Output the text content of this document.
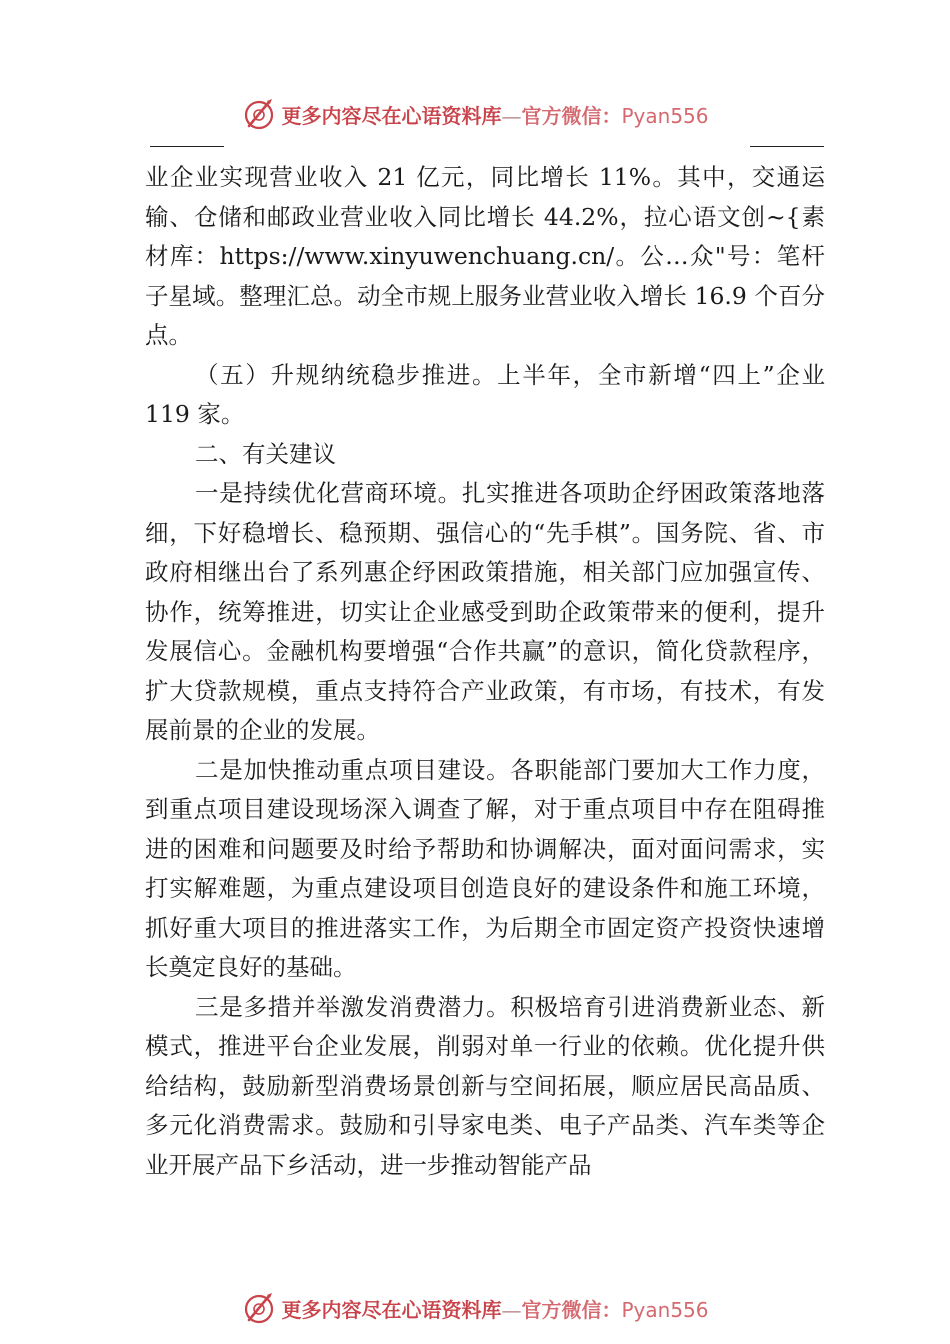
更多内容尽在心语资料库—官方微信：Pyan556

业企业实现营业收入 21 亿元，同比增长 11%。其中，交通运输、仓储和邮政业营业收入同比增长 44.2%，拉心语文创~{素材库：https://www.xinyuwenchuang.cn/。公…众"号：笔杆子星域。整理汇总。动全市规上服务业营业收入增长 16.9 个百分点。

（五）升规纳统稳步推进。上半年，全市新增“四上”企业 119 家。

二、有关建议

一是持续优化营商环境。扎实推进各项助企纾困政策落地落细，下好稳增长、稳预期、强信心的“先手棋”。国务院、省、市政府相继出台了系列惠企纾困政策措施，相关部门应加强宣传、协作，统筹推进，切实让企业感受到助企政策带来的便利，提升发展信心。金融机构要增强“合作共赢”的意识，简化贷款程序，扩大贷款规模，重点支持符合产业政策，有市场，有技术，有发展前景的企业的发展。

二是加快推动重点项目建设。各职能部门要加大工作力度，到重点项目建设现场深入调查了解，对于重点项目中存在阻碍推进的困难和问题要及时给予帮助和协调解决，面对面问需求，实打实解难题，为重点建设项目创造良好的建设条件和施工环境，抓好重大项目的推进落实工作，为后期全市固定资产投资快速增长奠定良好的基础。

三是多措并举激发消费潜力。积极培育引进消费新业态、新模式，推进平台企业发展，削弱对单一行业的依赖。优化提升供给结构，鼓励新型消费场景创新与空间拓展，顺应居民高品质、多元化消费需求。鼓励和引导家电类、电子产品类、汽车类等企业开展产品下乡活动，进一步推动智能产品

更多内容尽在心语资料库—官方微信：Pyan556
